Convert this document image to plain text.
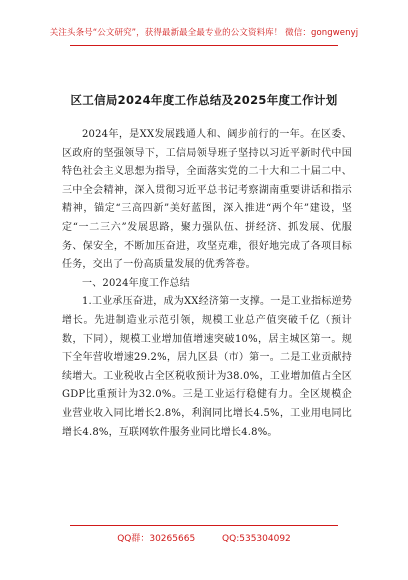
关注头条号“公文研究”，获得最新最全最专业的公文资料库！ 微信：gongwenyj
区工信局2024年度工作总结及2025年度工作计划

2024年，是XX发展践通人和、阔步前行的一年。在区委、区政府的坚强领导下，工信局领导班子坚持以习近平新时代中国特色社会主义思想为指导，全面落实党的二十大和二十届二中、三中全会精神，深入贯彻习近平总书记考察湖南重要讲话和指示精神，锚定“三高四新”美好蓝图，深入推进“两个年”建设，坚定“一二三六”发展思路，聚力强队伍、拼经济、抓发展、优服务、保安全，不断加压奋进，攻坚克难，很好地完成了各项目标任务，交出了一份高质量发展的优秀答卷。

一、2024年度工作总结

1.工业承压奋进，成为XX经济第一支撑。一是工业指标逆势增长。先进制造业示范引领，规模工业总产值突破千亿（预计数，下同），规模工业增加值增速突破10%，居主城区第一。规下全年营收增速29.2%，居九区县（市）第一。二是工业贡献持续增大。工业税收占全区税收预计为38.0%，工业增加值占全区GDP比重预计为32.0%。三是工业运行稳健有力。全区规模企业营业收入同比增长2.8%，利润同比增长4.5%，工业用电同比增长4.8%，互联网软件服务业同比增长4.8%。

QQ群：30265665	QQ:535304092
